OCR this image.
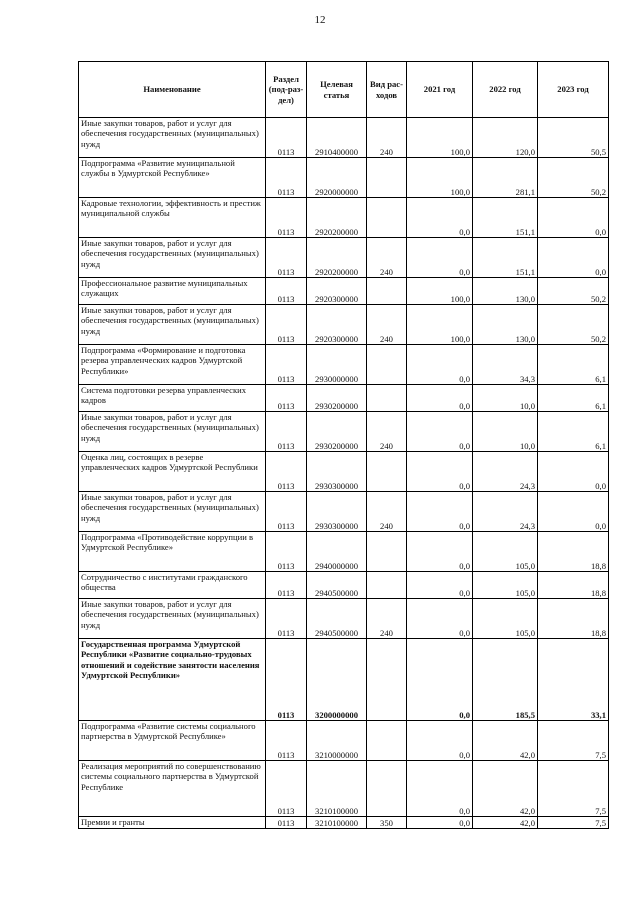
12
Наименование	Раздел (под-раз-дел)	Целевая статья	Вид рас-ходов	2021 год	2022 год	2023 год
Иные закупки товаров, работ и услуг для обеспечения государственных (муниципальных) нужд	0113	2910400000	240	100,0	120,0	50,5
Подпрограмма «Развитие муниципальной службы в Удмуртской Республике»	0113	2920000000		100,0	281,1	50,2
Кадровые технологии, эффективность и престиж муниципальной службы	0113	2920200000		0,0	151,1	0,0
Иные закупки товаров, работ и услуг для обеспечения государственных (муниципальных) нужд	0113	2920200000	240	0,0	151,1	0,0
Профессиональное развитие муниципальных служащих	0113	2920300000		100,0	130,0	50,2
Иные закупки товаров, работ и услуг для обеспечения государственных (муниципальных) нужд	0113	2920300000	240	100,0	130,0	50,2
Подпрограмма «Формирование и подготовка резерва управленческих кадров Удмуртской Республики»	0113	2930000000		0,0	34,3	6,1
Система подготовки резерва управленческих кадров	0113	2930200000		0,0	10,0	6,1
Иные закупки товаров, работ и услуг для обеспечения государственных (муниципальных) нужд	0113	2930200000	240	0,0	10,0	6,1
Оценка лиц, состоящих в резерве управленческих кадров Удмуртской Республики	0113	2930300000		0,0	24,3	0,0
Иные закупки товаров, работ и услуг для обеспечения государственных (муниципальных) нужд	0113	2930300000	240	0,0	24,3	0,0
Подпрограмма «Противодействие коррупции в Удмуртской Республике»	0113	2940000000		0,0	105,0	18,8
Сотрудничество с институтами гражданского общества	0113	2940500000		0,0	105,0	18,8
Иные закупки товаров, работ и услуг для обеспечения государственных (муниципальных) нужд	0113	2940500000	240	0,0	105,0	18,8
Государственная программа Удмуртской Республики «Развитие социально-трудовых отношений и содействие занятости населения Удмуртской Республики»	0113	3200000000		0,0	185,5	33,1
Подпрограмма «Развитие системы социального партнерства в Удмуртской Республике»	0113	3210000000		0,0	42,0	7,5
Реализация мероприятий по совершенствованию системы социального партнерства в Удмуртской Республике	0113	3210100000		0,0	42,0	7,5
Премии и гранты	0113	3210100000	350	0,0	42,0	7,5
